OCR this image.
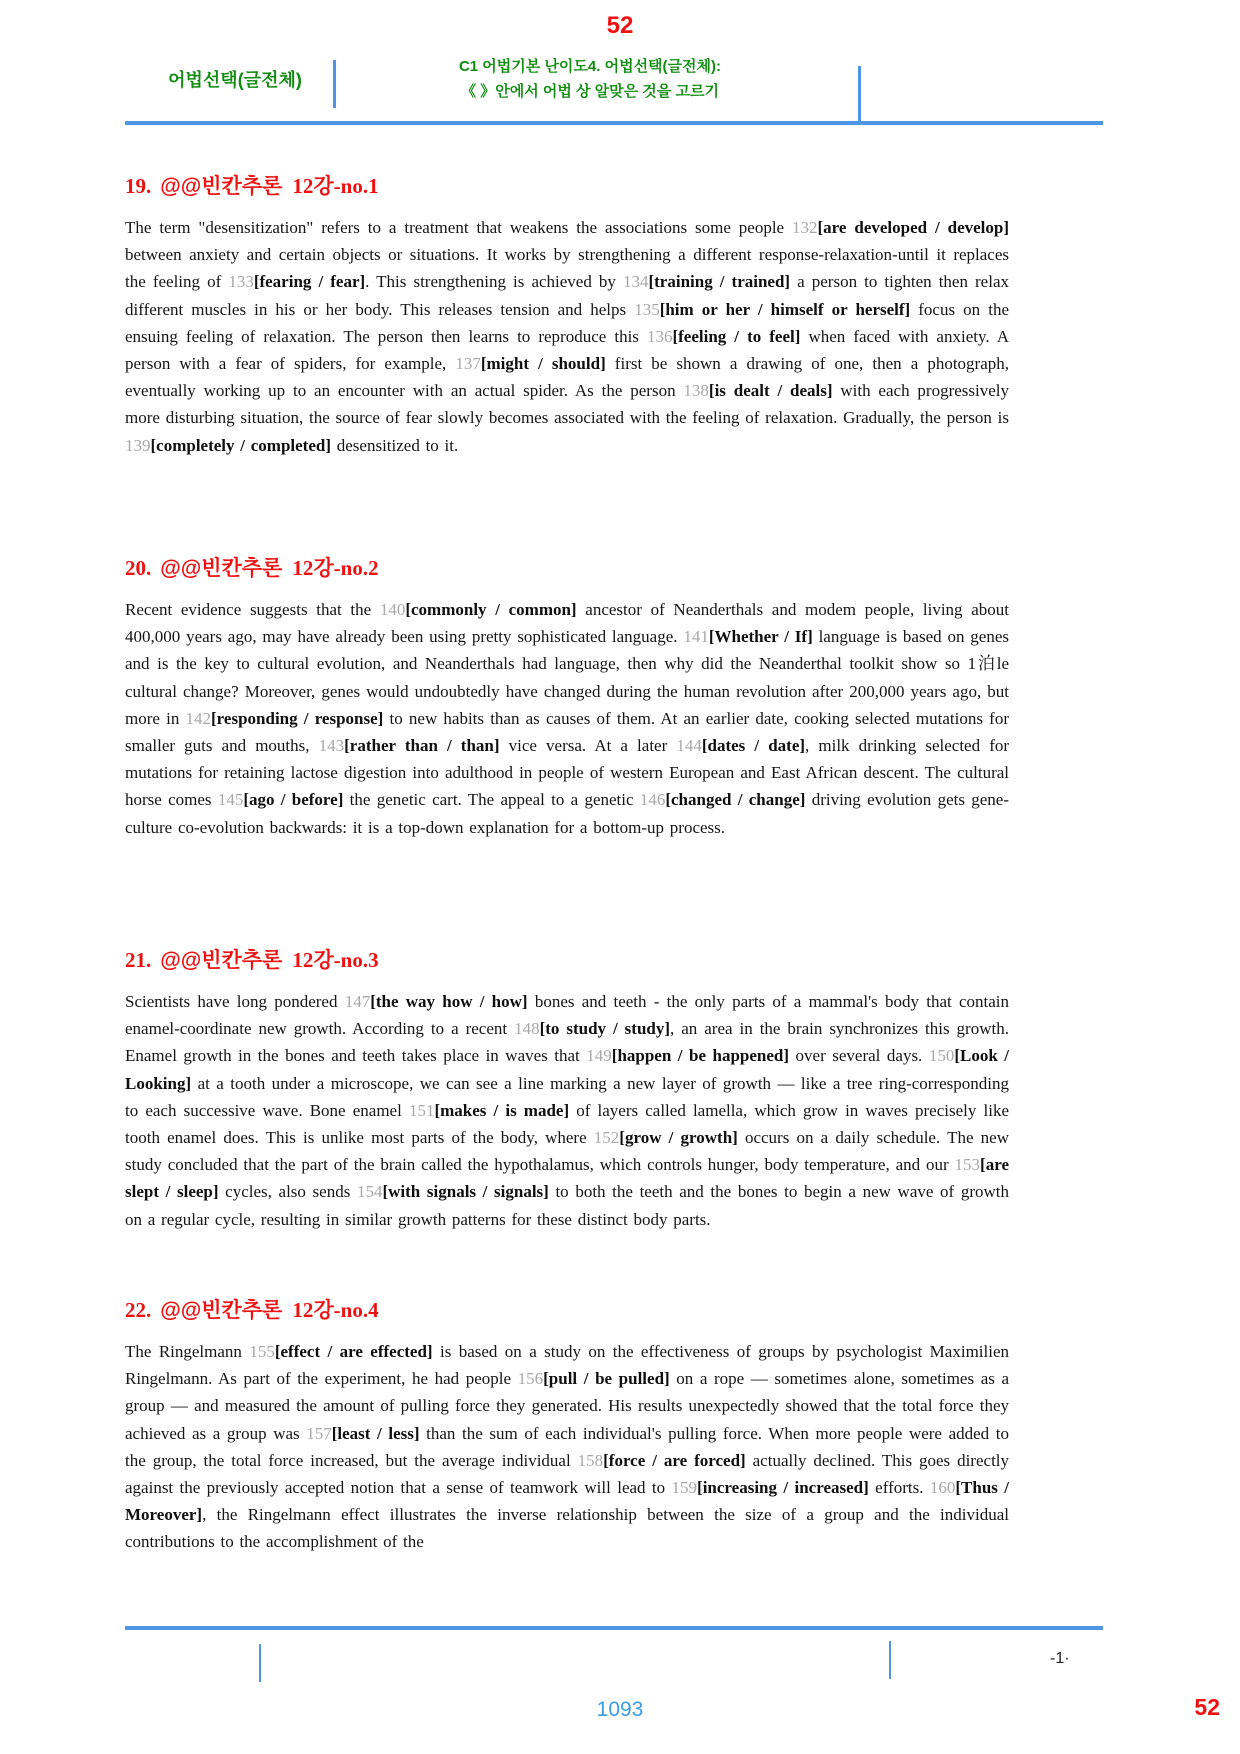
52
어법선택(글전체)
C1 어법기본 난이도4. 어법선택(글전체):
《 》안에서 어법 상 알맞은 것을 고르기
19. @@빈칸추론 12강-no.1

The term "desensitization" refers to a treatment that weakens the associations some people 132[are developed / develop] between anxiety and certain objects or situations. It works by strengthening a different response-relaxation-until it replaces the feeling of 133[fearing / fear]. This strengthening is achieved by 134[training / trained] a person to tighten then relax different muscles in his or her body. This releases tension and helps 135[him or her / himself or herself] focus on the ensuing feeling of relaxation. The person then learns to reproduce this 136[feeling / to feel] when faced with anxiety. A person with a fear of spiders, for example, 137[might / should] first be shown a drawing of one, then a photograph, eventually working up to an encounter with an actual spider. As the person 138[is dealt / deals] with each progressively more disturbing situation, the source of fear slowly becomes associated with the feeling of relaxation. Gradually, the person is 139[completely / completed] desensitized to it.

20. @@빈칸추론 12강-no.2

Recent evidence suggests that the 140[commonly / common] ancestor of Neanderthals and modem people, living about 400,000 years ago, may have already been using pretty sophisticated language. 141[Whether / If] language is based on genes and is the key to cultural evolution, and Neanderthals had language, then why did the Neanderthal toolkit show so 1泊le cultural change? Moreover, genes would undoubtedly have changed during the human revolution after 200,000 years ago, but more in 142[responding / response] to new habits than as causes of them. At an earlier date, cooking selected mutations for smaller guts and mouths, 143[rather than / than] vice versa. At a later 144[dates / date], milk drinking selected for mutations for retaining lactose digestion into adulthood in people of western European and East African descent. The cultural horse comes 145[ago / before] the genetic cart. The appeal to a genetic 146[changed / change] driving evolution gets gene-culture co-evolution backwards: it is a top-down explanation for a bottom-up process.

21. @@빈칸추론 12강-no.3

Scientists have long pondered 147[the way how / how] bones and teeth - the only parts of a mammal's body that contain enamel-coordinate new growth. According to a recent 148[to study / study], an area in the brain synchronizes this growth. Enamel growth in the bones and teeth takes place in waves that 149[happen / be happened] over several days. 150[Look / Looking] at a tooth under a microscope, we can see a line marking a new layer of growth — like a tree ring-corresponding to each successive wave. Bone enamel 151[makes / is made] of layers called lamella, which grow in waves precisely like tooth enamel does. This is unlike most parts of the body, where 152[grow / growth] occurs on a daily schedule. The new study concluded that the part of the brain called the hypothalamus, which controls hunger, body temperature, and our 153[are slept / sleep] cycles, also sends 154[with signals / signals] to both the teeth and the bones to begin a new wave of growth on a regular cycle, resulting in similar growth patterns for these distinct body parts.

22. @@빈칸추론 12강-no.4

The Ringelmann 155[effect / are effected] is based on a study on the effectiveness of groups by psychologist Maximilien Ringelmann. As part of the experiment, he had people 156[pull / be pulled] on a rope — sometimes alone, sometimes as a group — and measured the amount of pulling force they generated. His results unexpectedly showed that the total force they achieved as a group was 157[least / less] than the sum of each individual's pulling force. When more people were added to the group, the total force increased, but the average individual 158[force / are forced] actually declined. This goes directly against the previously accepted notion that a sense of teamwork will lead to 159[increasing / increased] efforts. 160[Thus / Moreover], the Ringelmann effect illustrates the inverse relationship between the size of a group and the individual contributions to the accomplishment of the

-1·
1093	52
